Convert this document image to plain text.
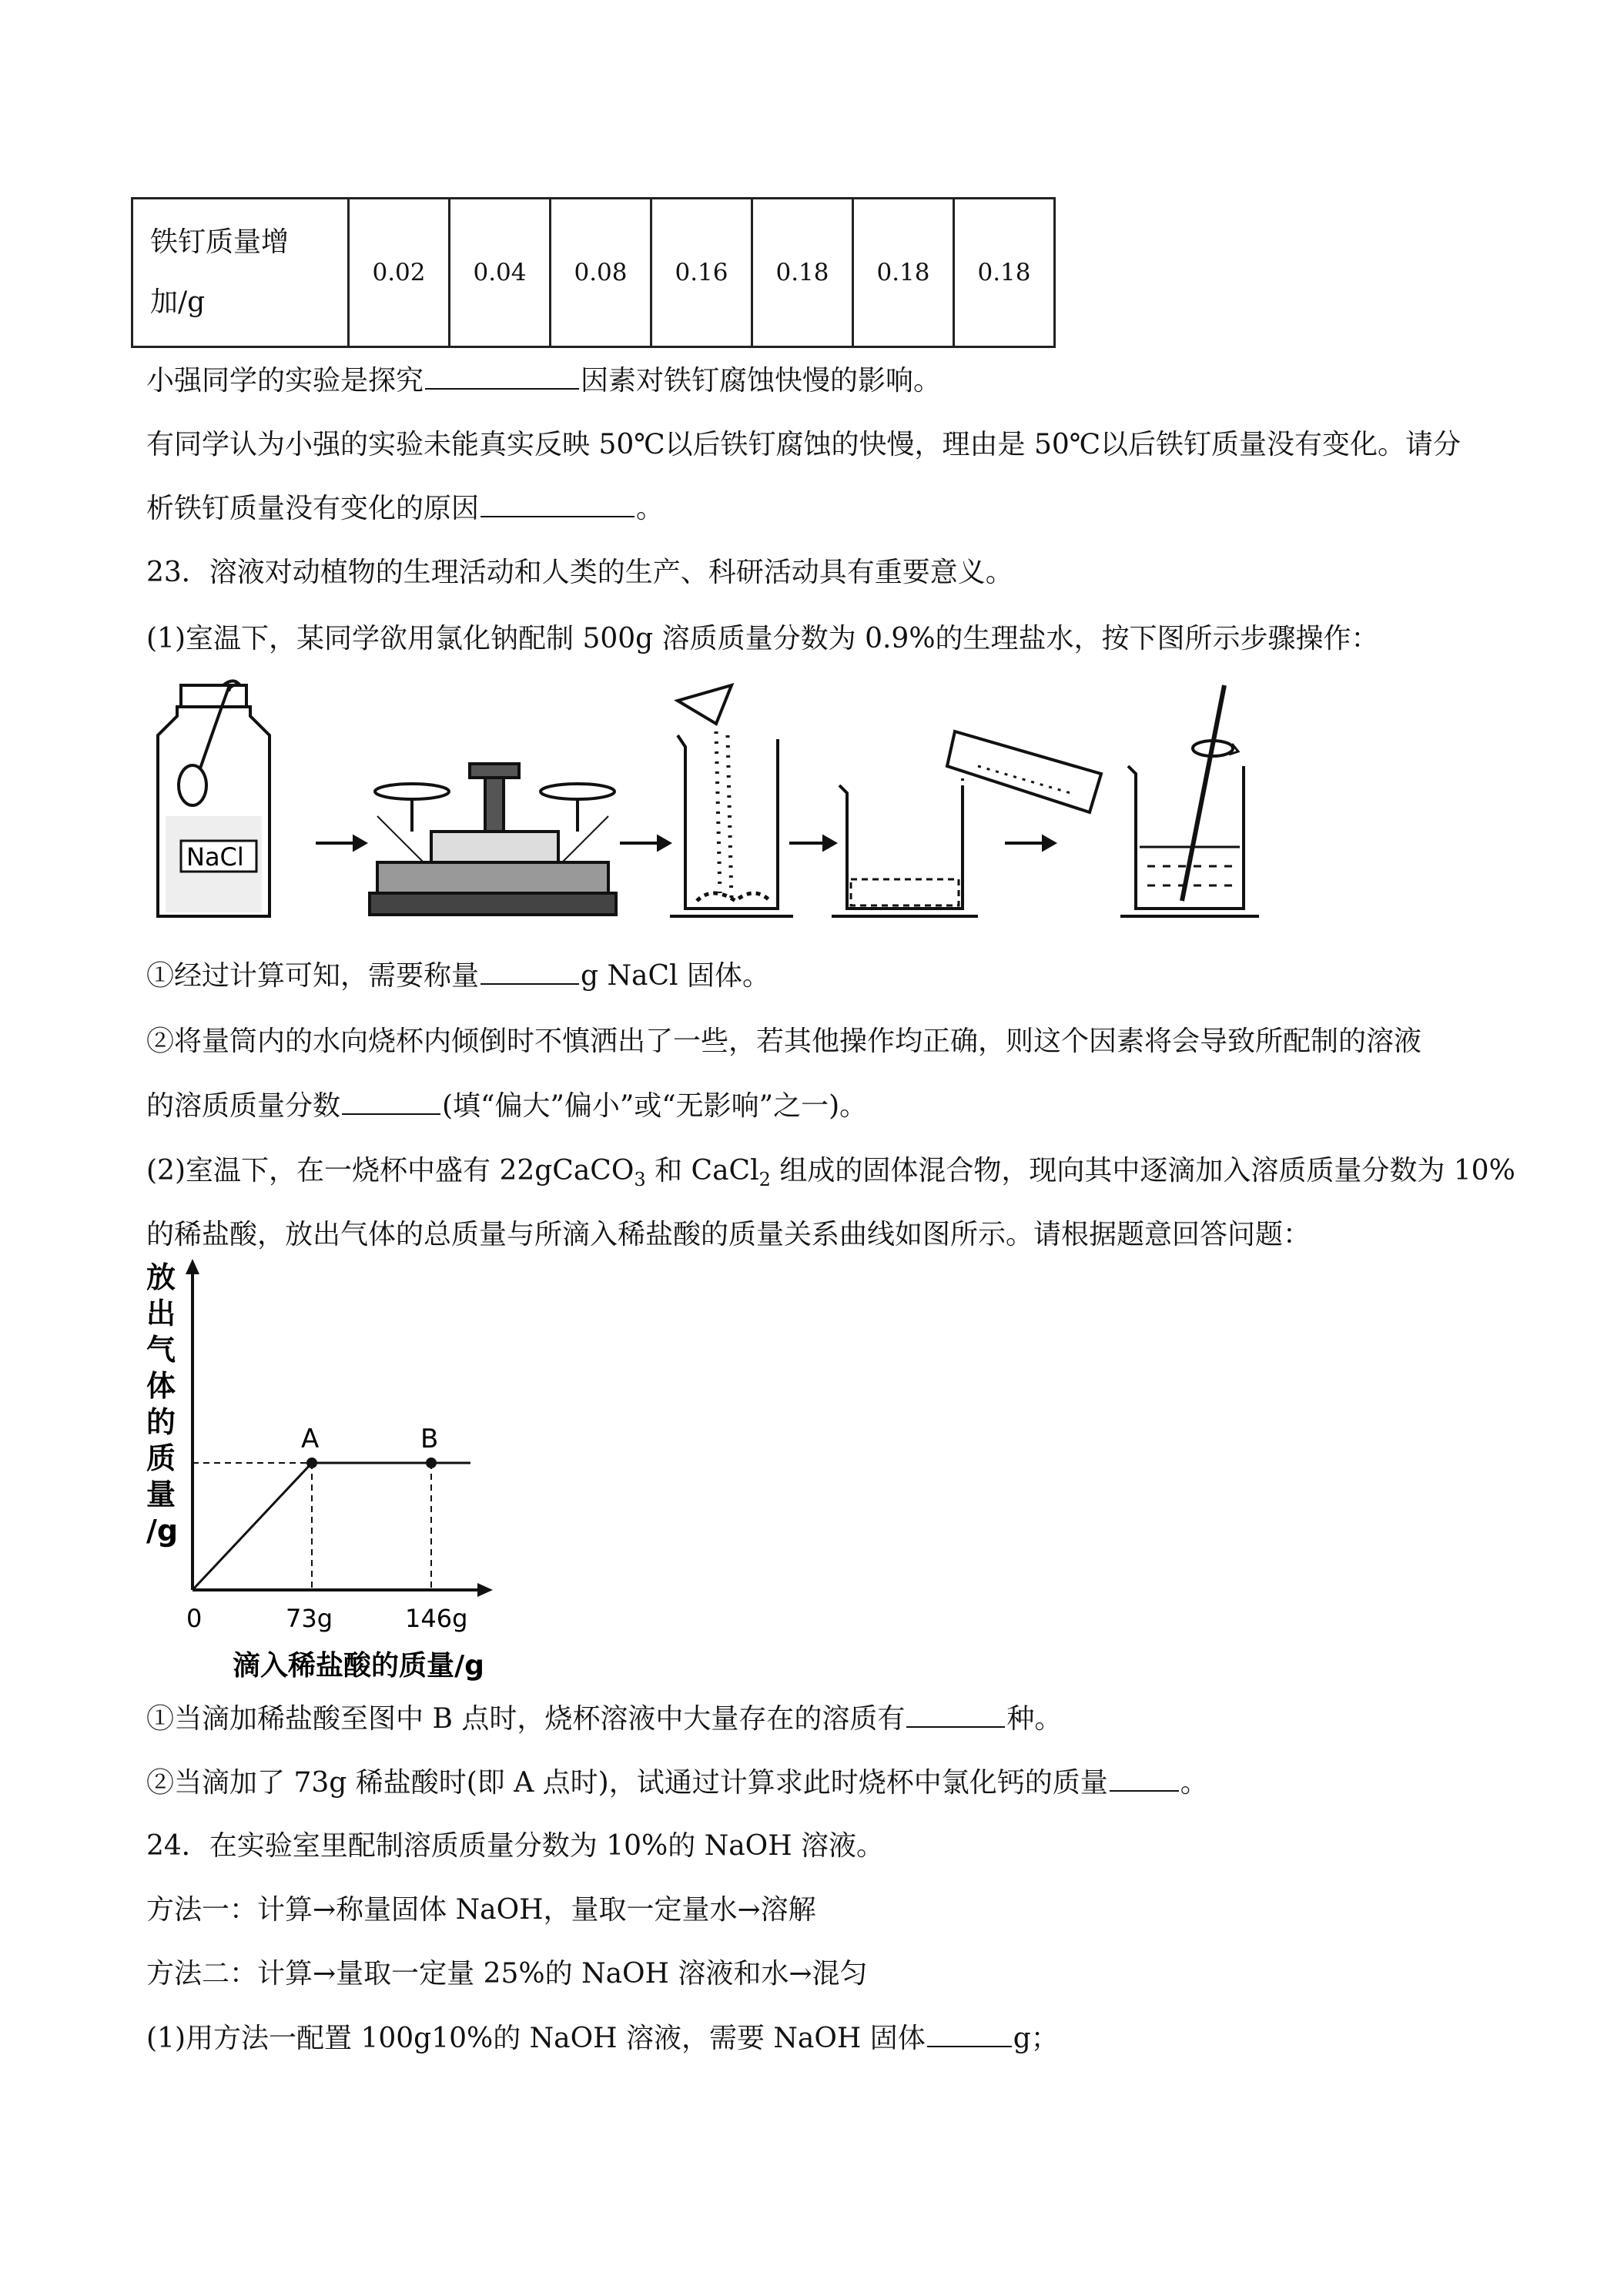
铁钉质量增
加/g	0.02	0.04	0.08	0.16	0.18	0.18	0.18
小强同学的实验是探究	因素对铁钉腐蚀快慢的影响。
有同学认为小强的实验未能真实反映 50℃以后铁钉腐蚀的快慢，理由是 50℃以后铁钉质量没有变化。请分
析铁钉质量没有变化的原因	。
23．溶液对动植物的生理活动和人类的生产、科研活动具有重要意义。
(1)室温下，某同学欲用氯化钠配制 500g 溶质质量分数为 0.9%的生理盐水，按下图所示步骤操作：
NaCl
①经过计算可知，需要称量	g NaCl 固体。
②将量筒内的水向烧杯内倾倒时不慎洒出了一些，若其他操作均正确，则这个因素将会导致所配制的溶液
的溶质质量分数	(填“偏大”偏小”或“无影响”之一)。
(2)室温下，在一烧杯中盛有 22gCaCO$_3$ 和 CaCl$_2$ 组成的固体混合物，现向其中逐滴加入溶质质量分数为 10%
的稀盐酸，放出气体的总质量与所滴入稀盐酸的质量关系曲线如图所示。请根据题意回答问题：
放
出
气
体
的
质
量
/g
A	B
0	73g	146g
滴入稀盐酸的质量/g
①当滴加稀盐酸至图中 B 点时，烧杯溶液中大量存在的溶质有	种。
②当滴加了 73g 稀盐酸时(即 A 点时)，试通过计算求此时烧杯中氯化钙的质量	。
24．在实验室里配制溶质质量分数为 10%的 NaOH 溶液。
方法一：计算→称量固体 NaOH，量取一定量水→溶解
方法二：计算→量取一定量 25%的 NaOH 溶液和水→混匀
(1)用方法一配置 100g10%的 NaOH 溶液，需要 NaOH 固体	g；
